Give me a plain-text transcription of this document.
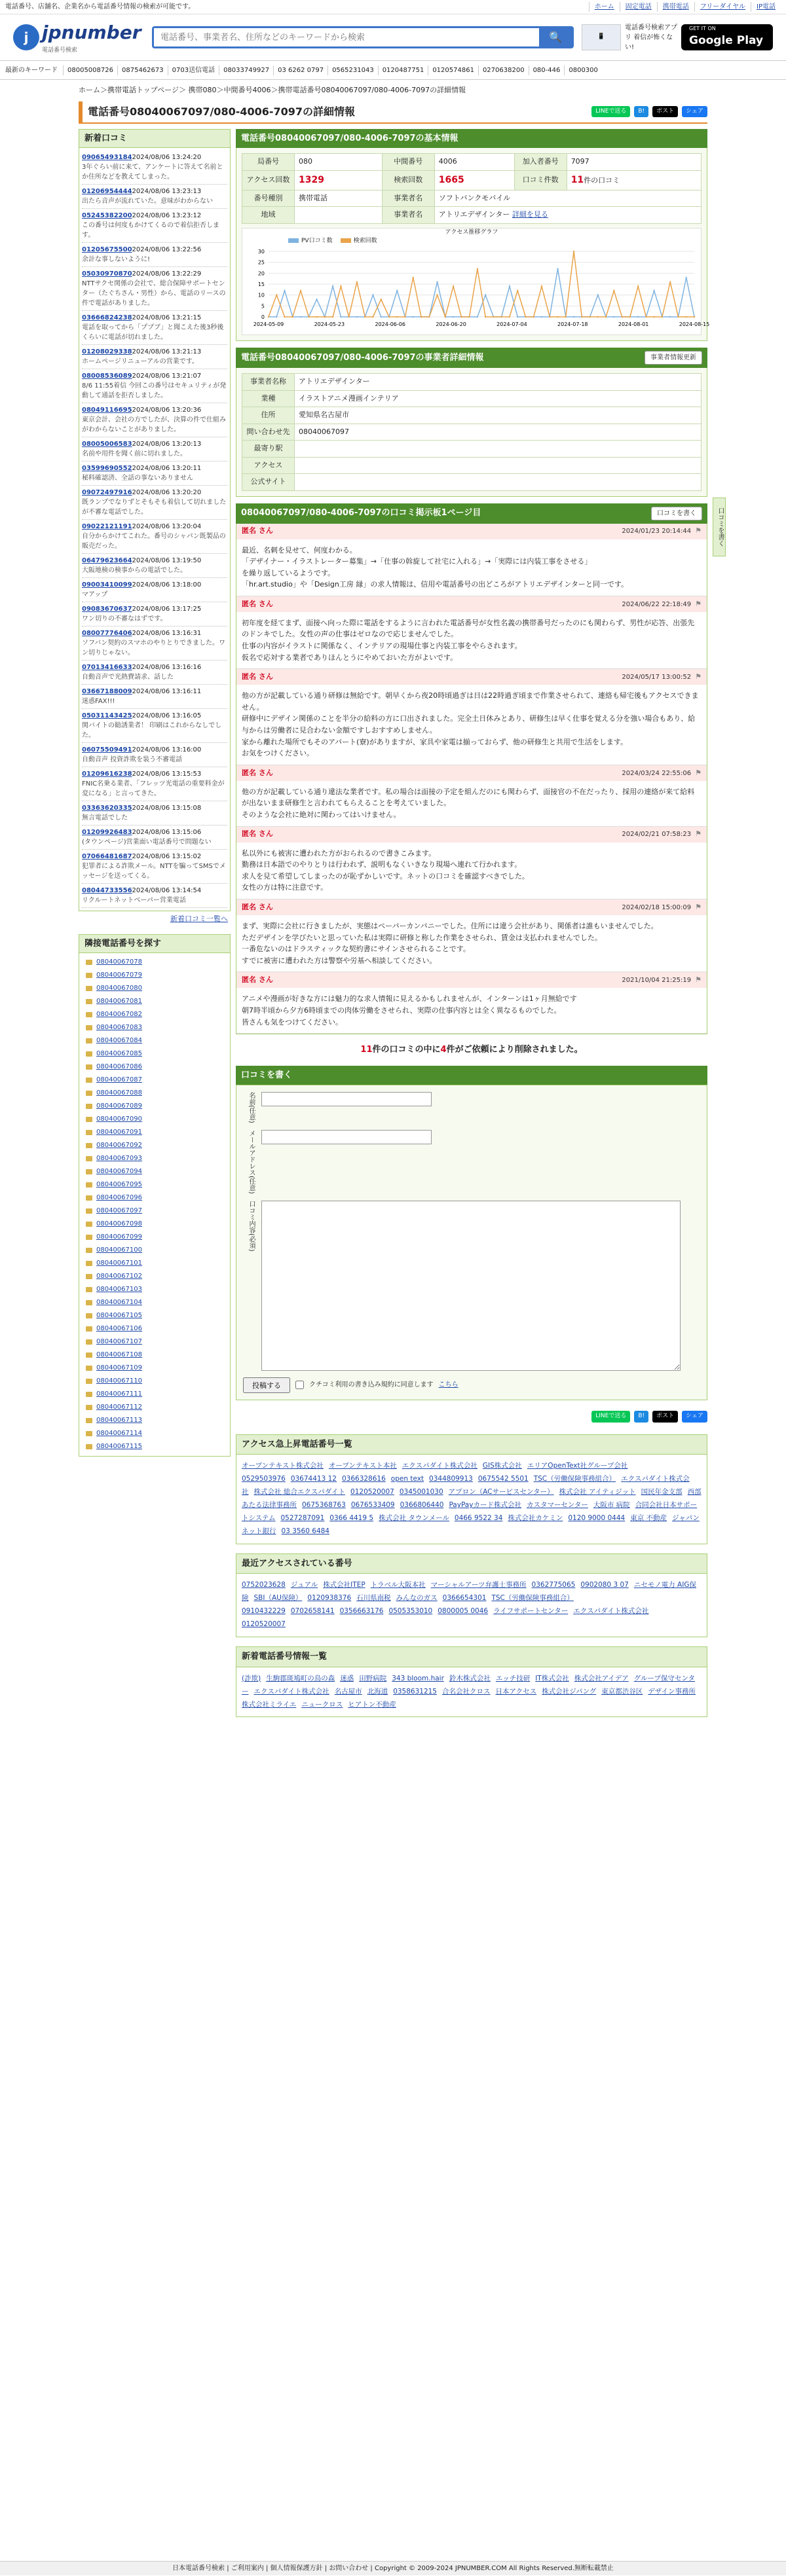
電話番号、店舗名、企業名から電話番号情報の検索が可能です。	ホーム	固定電話	携帯電話	フリーダイヤル	IP電話
j jpnumber
電話番号検索
電話番号、事業者名、住所などのキーワードから検索
🔍	📱
電話番号検索アプリ 着信が怖くない!
GET IT ON
Google Play
最新のキーワード	08005008726	0875462673	0703送信電話	08033749927	03 6262 0797	0565231043	0120487751	0120574861	0270638200	080-446	0800300
ホーム＞携帯電話トップページ＞ 携帯080＞中間番号4006＞携帯電話番号08040067097/080-4006-7097の詳細情報
電話番号08040067097/080-4006-7097の詳細情報	LINEで送る	B!	ポスト	シェア
新着口コミ
090654931842024/08/06 13:24:20
3年ぐらい前に来て、アンケートに答えて名前とか住所などを教えてしまった。
012069544442024/08/06 13:23:13
出たら音声が流れていた。意味がわからない
052453822002024/08/06 13:23:12
この番号は何度もかけてくるので着信拒否します。
012056755002024/08/06 13:22:56
余計な事しないように!
050309708702024/08/06 13:22:29
NTTサクセ関係の会社で、総合保障サポートセンター（たぐちさん・男性）から、電話のリースの件で電話がありました。
036668242382024/08/06 13:21:15
電話を取ってから「ププブ」と聞こえた後3秒後くらいに電話が切れました。
012080293382024/08/06 13:21:13
ホームページリニューアルの営業です。
080085360892024/08/06 13:21:07
8/6 11:55着信 今回この番号はセキュリティが発動して通話を拒否しました。
080491166952024/08/06 13:20:36
東京会計、会社の方でしたが、決算の件で仕組みがわからないことがありました。
080050065832024/08/06 13:20:13
名前や用件を聞く前に切れました。
035996905522024/08/06 13:20:11
秘料確認済、全話の事ないありません
090724979162024/08/06 13:20:20
既ランプでなりずとそもそも着信して切れましたが不審な電話でした。
090221211912024/08/06 13:20:04
自分からかけてこれた。番号のシャパン既製品の販売だった。
064796236642024/08/06 13:19:50
大阪地検の検事からの電話でした。
090034100992024/08/06 13:18:00
マアップ
090836706372024/08/06 13:17:25
ワン切りの不審なはずです。
080077764062024/08/06 13:16:31
ソフバン契約のスマホのやりとりできました。ワン切りじゃない。
070134166332024/08/06 13:16:16
自動音声で光熱費請求、話した
036671880092024/08/06 13:16:11
迷惑FAX!!!
050311434252024/08/06 13:16:05
関バイトの勧誘業者！ 印刷はこれからなしでした。
060755094912024/08/06 13:16:00
自動音声 投資詐欺を装う不審電話
012096162382024/08/06 13:15:53
FNIC名乗る業者、「フレッツ光電話の重要料金が変になる」と言ってきた。
033636203352024/08/06 13:15:08
無言電話でした
012099264832024/08/06 13:15:06
(タウンページ)営業面い電話番号で問題ない
070664816872024/08/06 13:15:02
犯罪者による詐欺メール。NTTを騙ってSMSでメッセージを送ってくる。
080447335562024/08/06 13:14:54
リクルートネットベーパー営業電話
新着口コミ一覧へ
隣接電話番号を探す
08040067078
08040067079
08040067080
08040067081
08040067082
08040067083
08040067084
08040067085
08040067086
08040067087
08040067088
08040067089
08040067090
08040067091
08040067092
08040067093
08040067094
08040067095
08040067096
08040067097
08040067098
08040067099
08040067100
08040067101
08040067102
08040067103
08040067104
08040067105
08040067106
08040067107
08040067108
08040067109
08040067110
08040067111
08040067112
08040067113
08040067114
08040067115
電話番号08040067097/080-4006-7097の基本情報
局番号	080	中間番号	4006	加入者番号	7097
アクセス回数	1329	検索回数	1665	口コミ件数	11件の口コミ
番号種別	携帯電話	事業者名	ソフトバンクモバイル		
地域		事業者名	アトリエデザインター 詳細を見る		
アクセス推移グラフ
PV口コミ数	検索回数
0
5
10
15
20
25
30
2024-05-09	2024-05-23	2024-06-06	2024-06-20	2024-07-04	2024-07-18	2024-08-01	2024-08-15
電話番号08040067097/080-4006-7097の事業者詳細情報	事業者情報更新
事業者名称	アトリエデザインター
業種	イラストアニメ漫画インテリア
住所	愛知県名古屋市
問い合わせ先	08040067097
最寄り駅	
アクセス	
公式サイト	
08040067097/080-4006-7097の口コミ掲示板1ページ目	口コミを書く
匿名 さん	2024/01/23 20:14:44 ⚑
最近、名刺を見せて、何度わかる。
「デザイナー・イラストレーター募集」→「仕事の斡旋して社宅に入れる」→「実際には内装工事をさせる」
を繰り返しているようです。
「hr.art.studio」や「Design工房 縁」の求人情報は、信用や電話番号の出どころがアトリエデザインターと同一です。
匿名 さん	2024/06/22 22:18:49 ⚑
初年度を経てまず、面接へ向った際に電話をするように言われた電話番号が女性名義の携帯番号だったのにも関わらず、男性が応答、出張先のドンキでした。女性の声の仕事はゼロなので応じませんでした。
仕事の内容がイラストに関係なく、インテリアの現場仕事と内装工事をやらされます。
仮名で応対する業者でありほんとうにやめておいた方がよいです。
匿名 さん	2024/05/17 13:00:52 ⚑
他の方が記載している通り研修は無給です。朝早くから夜20時頃過ぎは日は22時過ぎ頃まで作業させられて、連絡も帰宅後もアクセスできません。
研修中にデザイン関係のことを半分の給料の方に口出されました。完全土日休みとあり、研修生は早く仕事を覚える分を強い場合もあり、給与からは労働者に見合わない金額ですしおすすめしません。
家から離れた場所でもそのアパート(寮)がありますが、家具や家電は揃っておらず、他の研修生と共用で生活をします。
お気をつけください。
匿名 さん	2024/03/24 22:55:06 ⚑
他の方が記載している通り違法な業者です。私の場合は面接の予定を組んだのにも関わらず、面接官の不在だったり、採用の連絡が来て給料が出ないまま研修生と言われてもらえることを考えていました。
そのような会社に絶対に関わってはいけません。
匿名 さん	2024/02/21 07:58:23 ⚑
私以外にも被害に遭われた方がおられるので書きこみます。
勤務は日本語でのやりとりは行われず、説明もなくいきなり現場へ連れて行かれます。
求人を見て希望してしまったのが恥ずかしいです。ネットの口コミを確認すべきでした。
女性の方は特に注意です。
匿名 さん	2024/02/18 15:00:09 ⚑
まず、実際に会社に行きましたが、実態はペーパーカンパニーでした。住所には違う会社があり、関係者は誰もいませんでした。
ただデザインを学びたいと思っていた私は実際に研修と称した作業をさせられ、賃金は支払われませんでした。
一番危ないのはドラスティックな契約書にサインさせられることです。
すでに被害に遭われた方は警察や労基へ相談してください。
匿名 さん	2021/10/04 21:25:19 ⚑
アニメや漫画が好きな方には魅力的な求人情報に見えるかもしれませんが、インターンは1ヶ月無給です
朝7時半頃から夕方6時頃までの肉体労働をさせられ、実際の仕事内容とは全く異なるものでした。
皆さんも気をつけてください。
11件の口コミの中に4件がご依頼により削除されました。
口コミを書く
名前(任意)
メールアドレス(任意)
口コミ内容(必須)
投稿する	クチコミ利用の書き込み規約に同意します こちら
LINEで送る	B!	ポスト	シェア
アクセス急上昇電話番号一覧
オープンテキスト株式会社 オープンテキスト本社 エクスパダイト株式会社 GIS株式会社 エリアOpenText社グループ会社0529503976 03674413 12 0366328616 open text 0344809913 0675542 5501 TSC（労働保険事務組合） エクスパダイト株式会社 株式会社 総合エクスパダイト 0120520007 0345001030 アプロン（ACサービスセンター） 株式会社 アイティジット 国民年金支部 西部あたる法律事務所 0675368763 0676533409 0366806440 PayPayカード株式会社 カスタマーセンター 大阪市 病院 合同会社日本サポートシステム 0527287091 0366 4419 5 株式会社 タウンメール 0466 9522 34 株式会社カケミン 0120 9000 0444 東京 不動産 ジャパンネット銀行 03 3560 6484
最近アクセスされている番号
0752023628 ジュアル 株式会社ITEP トラベル大阪本社 マーシャルアーツ弁護士事務所 0362775065 0902080 3 07 ニセモノ電力 AIG保険 SBI（AU保険） 0120938376 石川県南税 みんなのガス 0366654301 TSC（労働保険事務組合）0910432229 0702658141 0356663176 0505353010 0800005 0046 ライフサポートセンター エクスパダイト株式会社0120520007
新着電話番号情報一覧
(詐欺) 生駒郡斑鳩町の鳥の森 迷惑 田野病院 343 bloom.hair 鈴木株式会社 エッチ技研 IT株式会社 株式会社アイデア グループ保守センター エクスパダイト株式会社 名古屋市 北海道 0358631215 合名会社クロス 日本アクセス 株式会社ジパング 東京都渋谷区 デザイン事務所株式会社ミライエ ニュークロス ヒアトン不動産
口コミを書く
日本電話番号検索 | ご利用案内 | 個人情報保護方針 | お問い合わせ | Copyright © 2009-2024 JPNUMBER.COM All Rights Reserved.無断転載禁止
